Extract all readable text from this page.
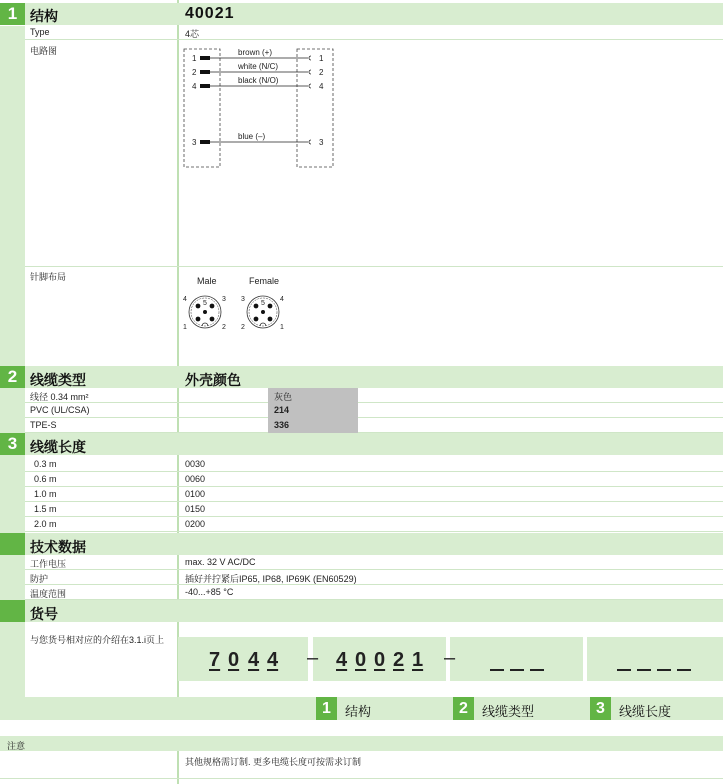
1 结构	40021
Type	4芯
电路图
1
2
4
3
1
2
4
3
brown (+)
white (N/C)
black (N/O)
blue (–)
针脚布局	Male	Female
4	3
1	2
5
3	4
2	1
5
2 线缆类型	外壳颜色
线径 0.34 mm²	灰色
PVC (UL/CSA)	214
TPE-S	336
3 线缆长度
0.3 m	0030
0.6 m	0060
1.0 m	0100
1.5 m	0150
2.0 m	0200
技术数据
工作电压	max. 32 V AC/DC
防护	插好并拧紧后IP65, IP68, IP69K (EN60529)
温度范围	-40...+85 °C
货号
与您货号相对应的介绍在3.1.i页上
7 0 4 4 – 4 0 0 2 1 –
1	结构	2	线缆类型	3	线缆长度
注意
其他规格需订制. 更多电缆长度可按需求订制
